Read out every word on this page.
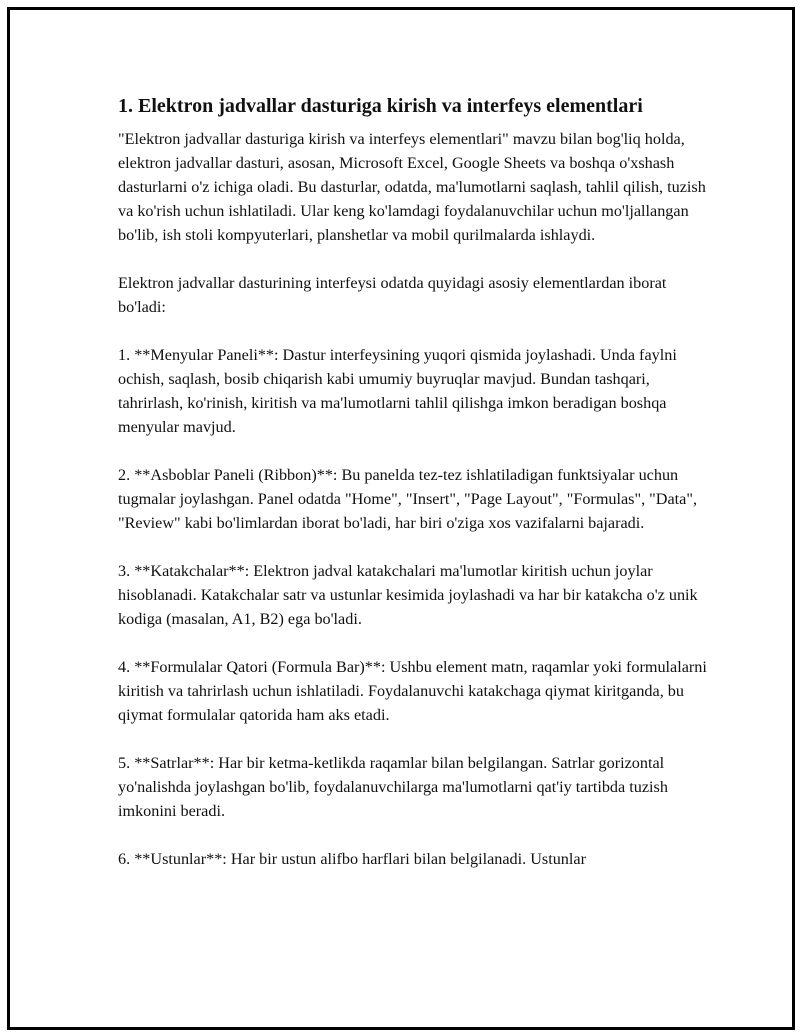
1. Elektron jadvallar dasturiga kirish va interfeys elementlari

"Elektron jadvallar dasturiga kirish va interfeys elementlari" mavzu bilan bog'liq holda, elektron jadvallar dasturi, asosan, Microsoft Excel, Google Sheets va boshqa o'xshash dasturlarni o'z ichiga oladi. Bu dasturlar, odatda, ma'lumotlarni saqlash, tahlil qilish, tuzish va ko'rish uchun ishlatiladi. Ular keng ko'lamdagi foydalanuvchilar uchun mo'ljallangan bo'lib, ish stoli kompyuterlari, planshetlar va mobil qurilmalarda ishlaydi.

Elektron jadvallar dasturining interfeysi odatda quyidagi asosiy elementlardan iborat bo'ladi:

1. **Menyular Paneli**: Dastur interfeysining yuqori qismida joylashadi. Unda faylni ochish, saqlash, bosib chiqarish kabi umumiy buyruqlar mavjud. Bundan tashqari, tahrirlash, ko'rinish, kiritish va ma'lumotlarni tahlil qilishga imkon beradigan boshqa menyular mavjud.

2. **Asboblar Paneli (Ribbon)**: Bu panelda tez-tez ishlatiladigan funktsiyalar uchun tugmalar joylashgan. Panel odatda "Home", "Insert", "Page Layout", "Formulas", "Data", "Review" kabi bo'limlardan iborat bo'ladi, har biri o'ziga xos vazifalarni bajaradi.

3. **Katakchalar**: Elektron jadval katakchalari ma'lumotlar kiritish uchun joylar hisoblanadi. Katakchalar satr va ustunlar kesimida joylashadi va har bir katakcha o'z unik kodiga (masalan, A1, B2) ega bo'ladi.

4. **Formulalar Qatori (Formula Bar)**: Ushbu element matn, raqamlar yoki formulalarni kiritish va tahrirlash uchun ishlatiladi. Foydalanuvchi katakchaga qiymat kiritganda, bu qiymat formulalar qatorida ham aks etadi.

5. **Satrlar**: Har bir ketma-ketlikda raqamlar bilan belgilangan. Satrlar gorizontal yo'nalishda joylashgan bo'lib, foydalanuvchilarga ma'lumotlarni qat'iy tartibda tuzish imkonini beradi.

6. **Ustunlar**: Har bir ustun alifbo harflari bilan belgilanadi. Ustunlar
